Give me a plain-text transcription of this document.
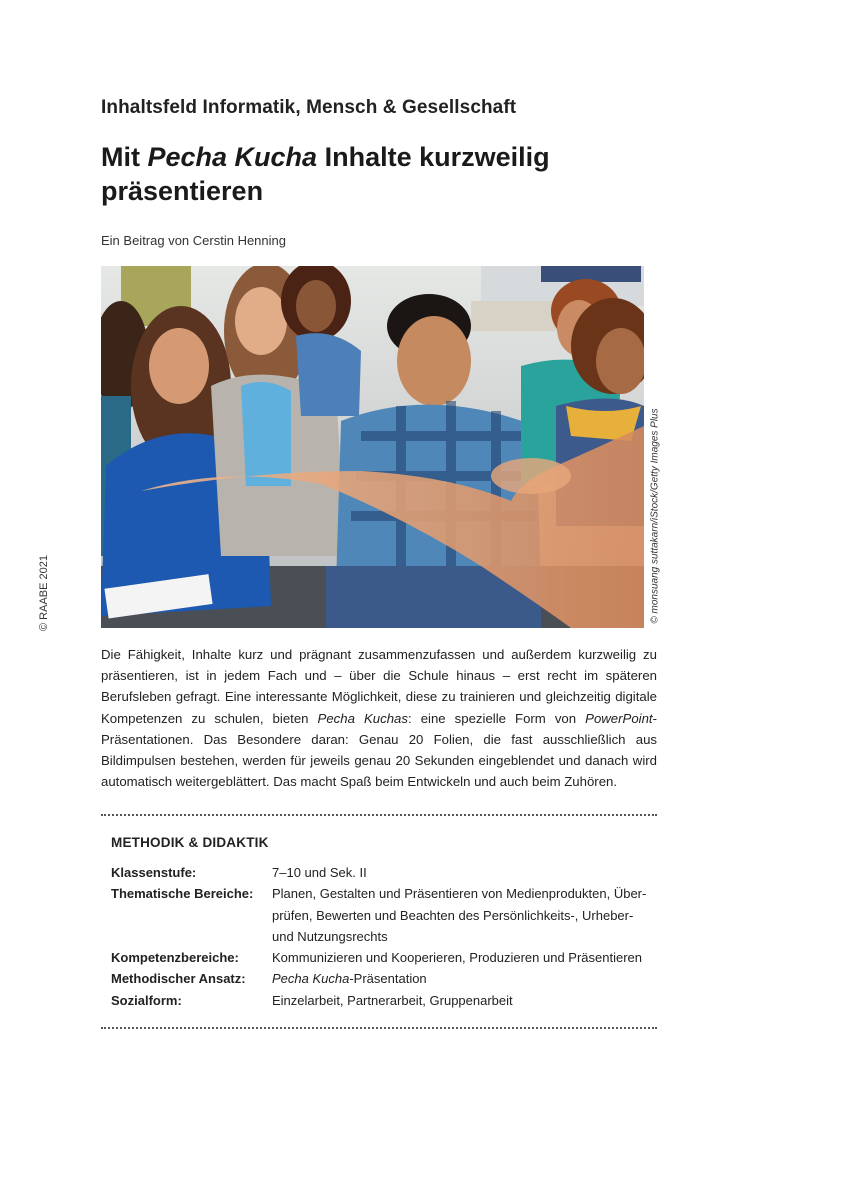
Inhaltsfeld Informatik, Mensch & Gesellschaft
Mit Pecha Kucha Inhalte kurzweilig
präsentieren
Ein Beitrag von Cerstin Henning
© RAABE 2021	© monsuang suttakarn/iStock/Getty Images Plus

Die Fähigkeit, Inhalte kurz und prägnant zusammenzufassen und außerdem kurzweilig zu präsentieren, ist in jedem Fach und – über die Schule hinaus – erst recht im späteren Berufsleben gefragt. Eine interessante Möglichkeit, diese zu trainieren und gleichzeitig digitale Kompetenzen zu schulen, bieten Pecha Kuchas: eine spezielle Form von PowerPoint-Präsentationen. Das Besondere daran: Genau 20 Folien, die fast ausschließlich aus Bildimpulsen bestehen, werden für jeweils genau 20 Sekunden eingeblendet und danach wird automatisch weitergeblättert. Das macht Spaß beim Entwickeln und auch beim Zuhören.

METHODIK & DIDAKTIK
Klassenstufe:	7–10 und Sek. II
Thematische Bereiche:	Planen, Gestalten und Präsentieren von Medienprodukten, Über-
prüfen, Bewerten und Beachten des Persönlichkeits-, Urheber-
und Nutzungsrechts
Kompetenzbereiche:	Kommunizieren und Kooperieren, Produzieren und Präsentieren
Methodischer Ansatz:	Pecha Kucha-Präsentation
Sozialform:	Einzelarbeit, Partnerarbeit, Gruppenarbeit
